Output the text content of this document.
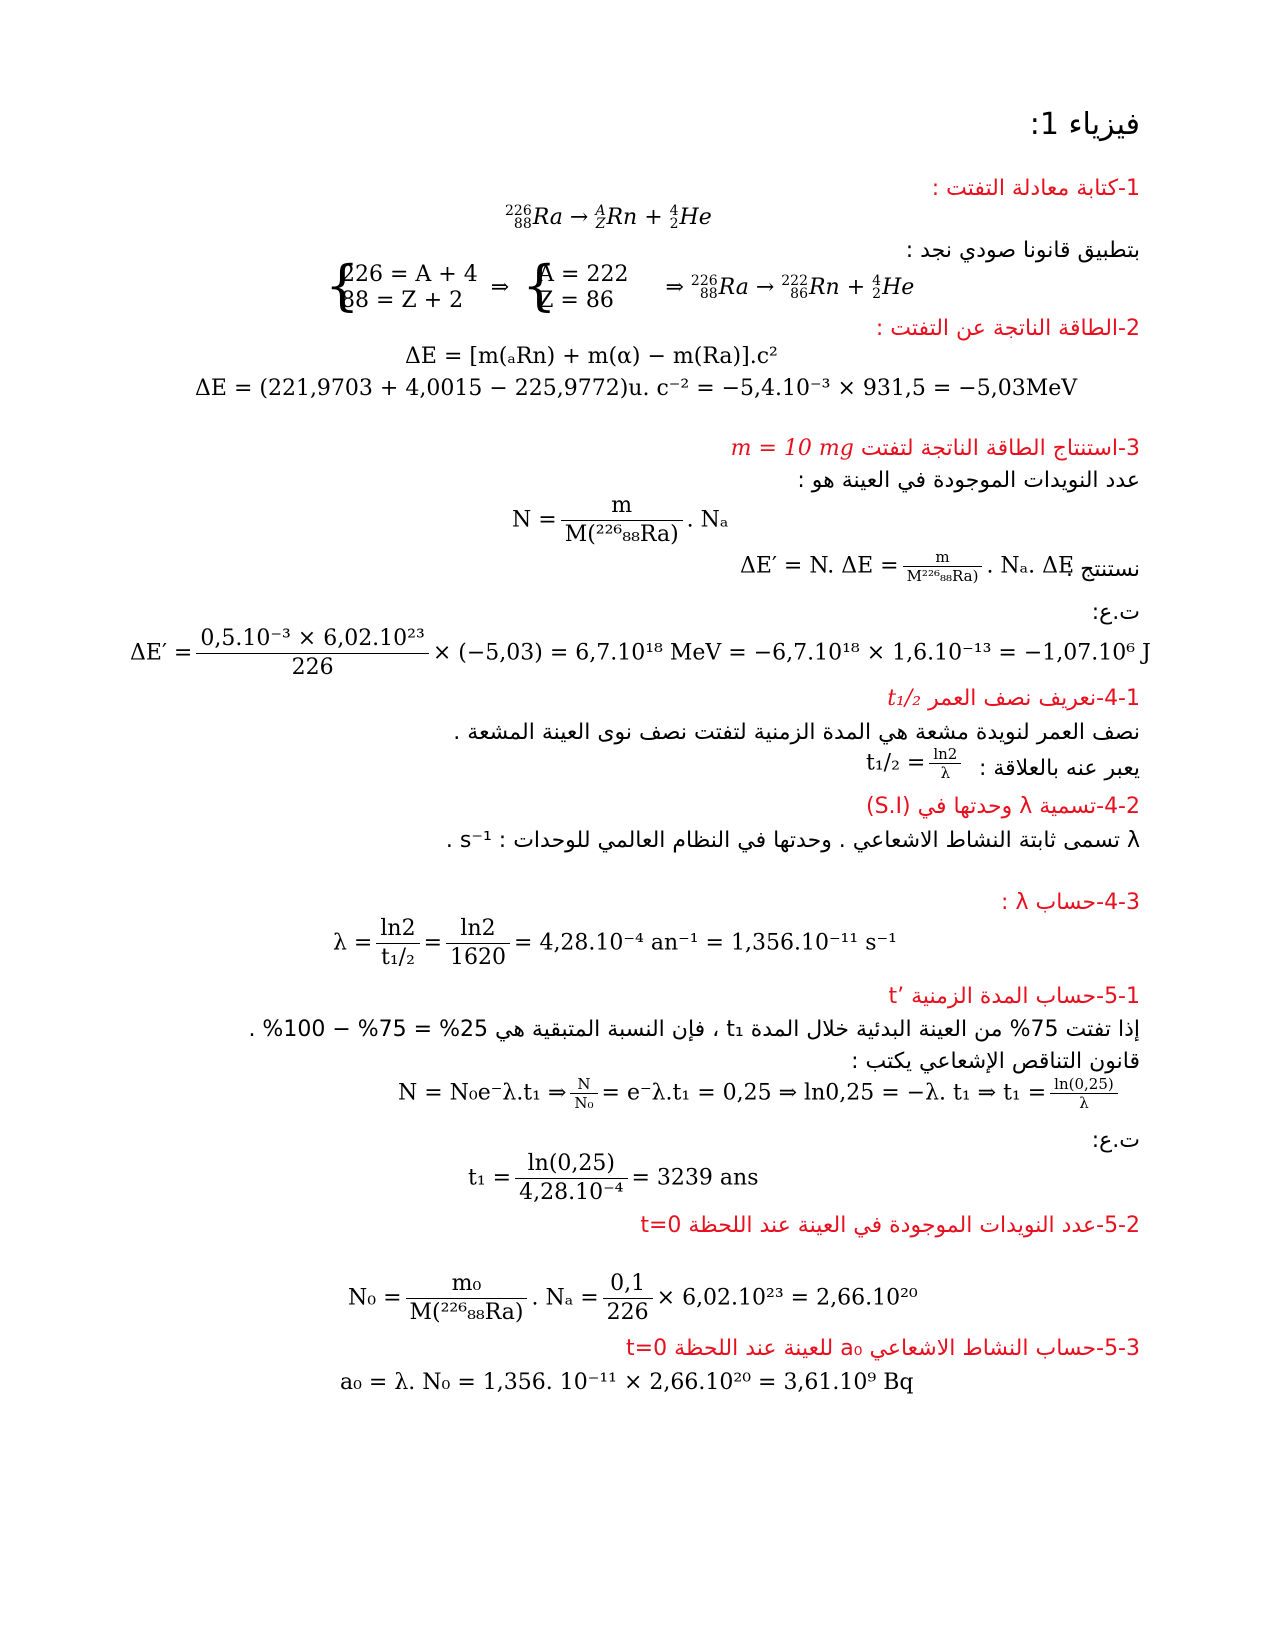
فيزياء 1:
1-كتابة معادلة التفتت :
226
88 Ra → A
Z Rn + 4
2 He
بتطبيق قانونا صودي نجد :
{
226 = A + 4
88 = Z + 2
⇒ {
A = 222
Z = 86
⇒ 226
88 Ra → 222
86 Rn + 4
2 He
2-الطاقة الناتجة عن التفتت :
ΔE = [m(ₐRn) + m(α) − m(Ra)].c²
ΔE = (221,9703 + 4,0015 − 225,9772)u. c⁻² = −5,4.10⁻³ × 931,5 = −5,03MeV
3-استنتاج الطاقة الناتجة لتفتت m = 10 mg
عدد النويدات الموجودة في العينة هو :
$N = \frac{m}{\text{M(²²⁶₈₈Ra)}}$ . Nₐ
نستنتج :
ΔE′ = N. $\Delta E = \frac{m}{\text{M²²⁶₈₈Ra)}}$ . Nₐ. ΔE
ت.ع:
$\Delta E' = \frac{\text{0,5.10⁻³ × 6,02.10²³}}{226} \times (-5,03) = 6,7.10^{18}$ MeV = −6,7.10¹⁸ × 1,6.10⁻¹³ = −1,07.10⁶ J
4-1-نعريف نصف العمر t₁/₂
نصف العمر لنويدة مشعة هي المدة الزمنية لتفتت نصف نوى العينة المشعة .
يعبر عنه بالعلاقة :
$t_1/_2 = \frac{\ln 2}{\lambda}$
4-2-تسمية λ وحدتها في (S.I)
λ تسمى ثابتة النشاط الاشعاعي . وحدتها في النظام العالمي للوحدات : s⁻¹ .
4-3-حساب λ :
$\lambda = \frac{\ln 2}{\text{t₁/₂}} = \frac{\ln 2}{1620} = 4,28.10^{-4}$ an⁻¹ = 1,356.10⁻¹¹ s⁻¹
5-1-حساب المدة الزمنية ’t
إذا تفتت 75% من العينة البدئية خلال المدة t₁ ، فإن النسبة المتبقية هي 25% = 75% − 100% .
قانون التناقص الإشعاعي يكتب :
N = N₀e⁻λ.t₁ ⇒ $\frac{N}{\text{N₀}} = e^-\lambda.t_1 = 0,25$ ⇒ ln0,25 = −λ. t₁ ⇒ $t_1 = \frac{\ln(0,25)}{\lambda}$
ت.ع:
$t_1 = \frac{\ln(0,25)}{\text{4,28.10⁻⁴}} = 3239$ ans
5-2-عدد النويدات الموجودة في العينة عند اللحظة t=0
$N_0 = \frac{\text{m₀}}{\text{M(²²⁶₈₈Ra)}}$ . $N_a = \frac{0,1}{226} \times 6,02.10^{23} = 2,66.10^{20}$
5-3-حساب النشاط الاشعاعي a₀ للعينة عند اللحظة t=0
a₀ = λ. N₀ = 1,356. 10⁻¹¹ × 2,66.10²⁰ = 3,61.10⁹ Bq
